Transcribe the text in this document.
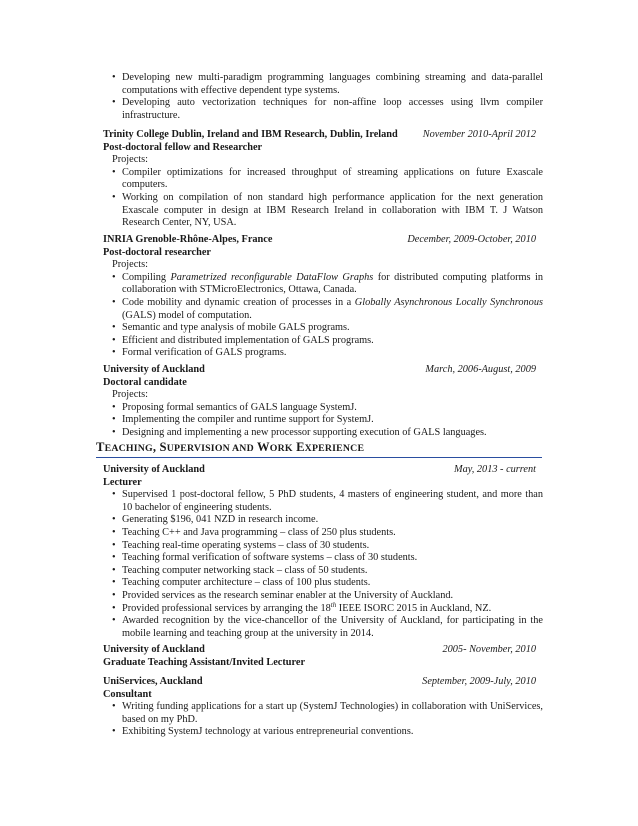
• Developing new multi-paradigm programming languages combining streaming and data-parallel computations with effective dependent type systems.
• Developing auto vectorization techniques for non-affine loop accesses using llvm compiler infrastructure.
Trinity College Dublin, Ireland and IBM Research, Dublin, Ireland November 2010-April 2012
Post-doctoral fellow and Researcher
Projects:
• Compiler optimizations for increased throughput of streaming applications on future Exascale computers.
• Working on compilation of non standard high performance application for the next generation Exascale computer in design at IBM Research Ireland in collaboration with IBM T. J Watson Research Center, NY, USA.
INRIA Grenoble-Rhône-Alpes, France	December, 2009-October, 2010
Post-doctoral researcher
Projects:
• Compiling Parametrized reconfigurable DataFlow Graphs for distributed computing platforms in collaboration with STMicroElectronics, Ottawa, Canada.
• Code mobility and dynamic creation of processes in a Globally Asynchronous Locally Synchronous (GALS) model of computation.
• Semantic and type analysis of mobile GALS programs.
• Efficient and distributed implementation of GALS programs.
• Formal verification of GALS programs.
University of Auckland	March, 2006-August, 2009
Doctoral candidate
Projects:
• Proposing formal semantics of GALS language SystemJ.
• Implementing the compiler and runtime support for SystemJ.
• Designing and implementing a new processor supporting execution of GALS languages.
TEACHING, SUPERVISION AND WORK EXPERIENCE
University of Auckland	May, 2013 - current
Lecturer
• Supervised 1 post-doctoral fellow, 5 PhD students, 4 masters of engineering student, and more than 10 bachelor of engineering students.
• Generating $196, 041 NZD in research income.
• Teaching C++ and Java programming – class of 250 plus students.
• Teaching real-time operating systems – class of 30 students.
• Teaching formal verification of software systems – class of 30 students.
• Teaching computer networking stack – class of 50 students.
• Teaching computer architecture – class of 100 plus students.
• Provided services as the research seminar enabler at the University of Auckland.
• Provided professional services by arranging the 18th IEEE ISORC 2015 in Auckland, NZ.
• Awarded recognition by the vice-chancellor of the University of Auckland, for participating in the mobile learning and teaching group at the university in 2014.
University of Auckland	2005- November, 2010
Graduate Teaching Assistant/Invited Lecturer
UniServices, Auckland	September, 2009-July, 2010
Consultant
• Writing funding applications for a start up (SystemJ Technologies) in collaboration with UniServices, based on my PhD.
• Exhibiting SystemJ technology at various entrepreneurial conventions.
